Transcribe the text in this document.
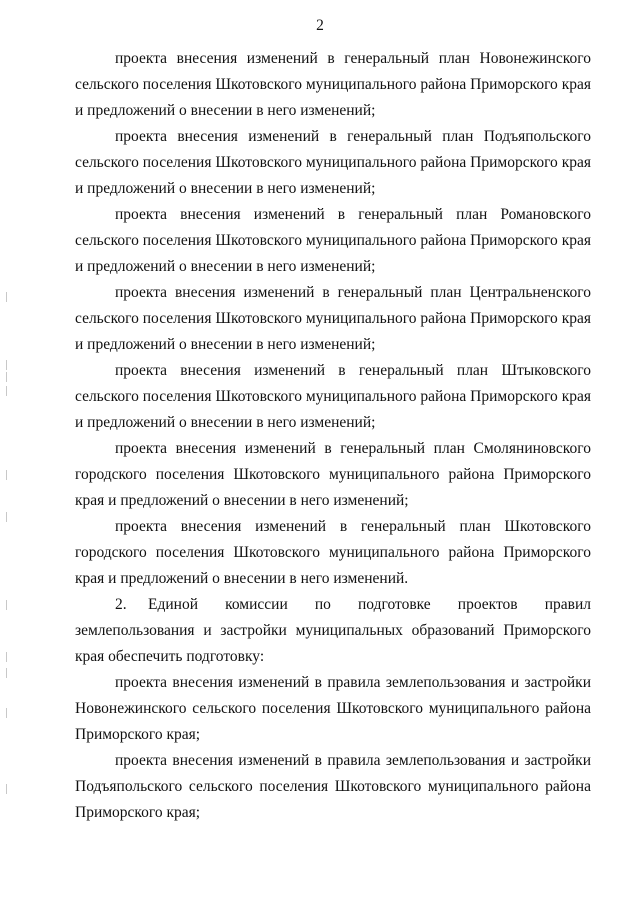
2

проекта внесения изменений в генеральный план Новонежинского сельского поселения Шкотовского муниципального района Приморского края и предложений о внесении в него изменений;

проекта внесения изменений в генеральный план Подъяпольского сельского поселения Шкотовского муниципального района Приморского края и предложений о внесении в него изменений;

проекта внесения изменений в генеральный план Романовского сельского поселения Шкотовского муниципального района Приморского края и предложений о внесении в него изменений;

проекта внесения изменений в генеральный план Центральненского сельского поселения Шкотовского муниципального района Приморского края и предложений о внесении в него изменений;

проекта внесения изменений в генеральный план Штыковского сельского поселения Шкотовского муниципального района Приморского края и предложений о внесении в него изменений;

проекта внесения изменений в генеральный план Смоляниновского городского поселения Шкотовского муниципального района Приморского края и предложений о внесении в него изменений;

проекта внесения изменений в генеральный план Шкотовского городского поселения Шкотовского муниципального района Приморского края и предложений о внесении в него изменений.

2. Единой комиссии по подготовке проектов правил землепользования и застройки муниципальных образований Приморского края обеспечить подготовку:

проекта внесения изменений в правила землепользования и застройки Новонежинского сельского поселения Шкотовского муниципального района Приморского края;

проекта внесения изменений в правила землепользования и застройки Подъяпольского сельского поселения Шкотовского муниципального района Приморского края;
